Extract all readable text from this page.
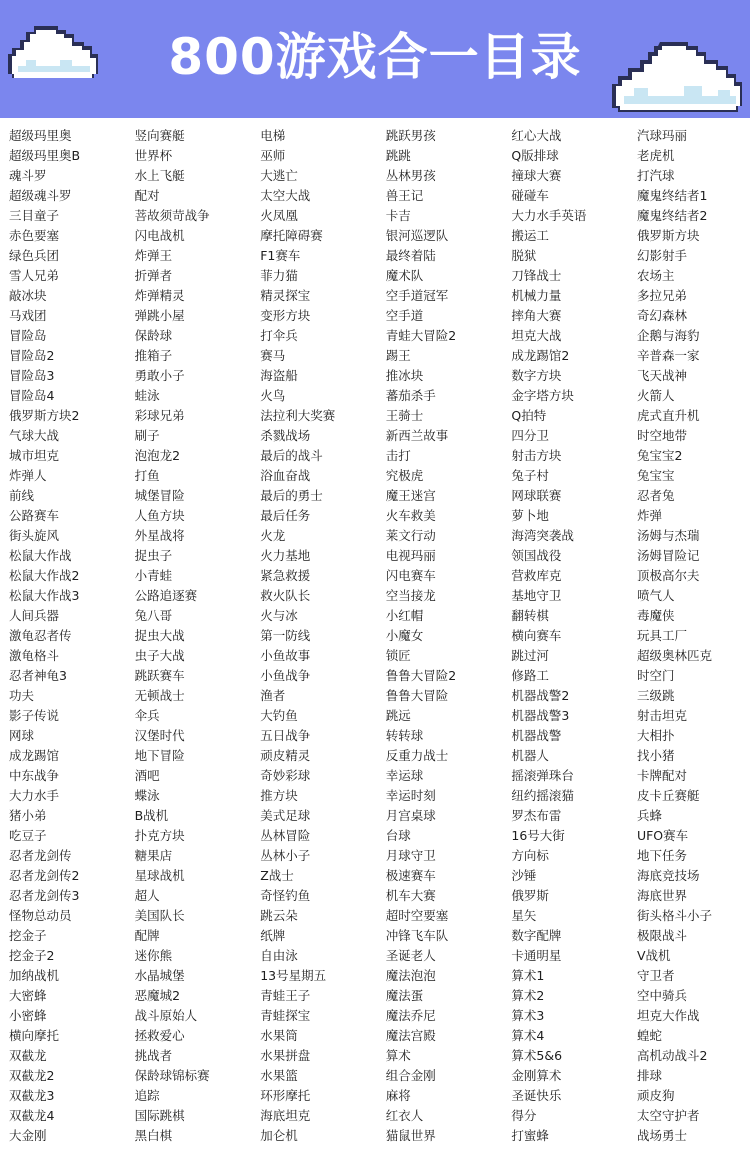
800游戏合一目录
超级玛里奥
超级玛里奥B
魂斗罗
超级魂斗罗
三目童子
赤色要塞
绿色兵团
雪人兄弟
敲冰块
马戏团
冒险岛
冒险岛2
冒险岛3
冒险岛4
俄罗斯方块2
气球大战
城市坦克
炸弹人
前线
公路赛车
街头旋风
松鼠大作战
松鼠大作战2
松鼠大作战3
人间兵器
激龟忍者传
激龟格斗
忍者神龟3
功夫
影子传说
网球
成龙踢馆
中东战争
大力水手
猪小弟
吃豆子
忍者龙剑传
忍者龙剑传2
忍者龙剑传3
怪物总动员
挖金子
挖金子2
加纳战机
大密蜂
小密蜂
横向摩托
双截龙
双截龙2
双截龙3
双截龙4
大金刚
竖向赛艇
世界杯
水上飞艇
配对
菩故须苛战争
闪电战机
炸弹王
折弹者
炸弹精灵
弹跳小屋
保龄球
推箱子
勇敢小子
蛙泳
彩球兄弟
刷子
泡泡龙2
打鱼
城堡冒险
人鱼方块
外星战将
捉虫子
小青蛙
公路追逐赛
兔八哥
捉虫大战
虫子大战
跳跃赛车
无顿战士
伞兵
汉堡时代
地下冒险
酒吧
蝶泳
B战机
扑克方块
糖果店
星球战机
超人
美国队长
配牌
迷你熊
水晶城堡
恶魔城2
战斗原始人
拯救爱心
挑战者
保龄球锦标赛
追踪
国际跳棋
黑白棋
电梯
巫师
大逃亡
太空大战
火凤凰
摩托障碍赛
F1赛车
菲力猫
精灵探宝
变形方块
打伞兵
赛马
海盗船
火鸟
法拉利大奖赛
杀戮战场
最后的战斗
浴血奋战
最后的勇士
最后任务
火龙
火力基地
紧急救援
救火队长
火与冰
第一防线
小鱼故事
小鱼战争
渔者
大钓鱼
五日战争
顽皮精灵
奇妙彩球
推方块
美式足球
丛林冒险
丛林小子
Z战士
奇怪钓鱼
跳云朵
纸牌
自由泳
13号星期五
青蛙王子
青蛙探宝
水果筒
水果拼盘
水果篮
环形摩托
海底坦克
加仑机
跳跃男孩
跳跳
丛林男孩
兽王记
卡吉
银河巡逻队
最终着陆
魔术队
空手道冠军
空手道
青蛙大冒险2
踢王
推冰块
蕃茄杀手
王骑士
新西兰故事
击打
究极虎
魔王迷宫
火车救美
莱文行动
电视玛丽
闪电赛车
空当接龙
小红帽
小魔女
锁匠
鲁鲁大冒险2
鲁鲁大冒险
跳远
转转球
反重力战士
幸运球
幸运时刻
月宫桌球
台球
月球守卫
极速赛车
机车大赛
超时空要塞
冲锋飞车队
圣诞老人
魔法泡泡
魔法蛋
魔法乔尼
魔法宫殿
算术
组合金刚
麻将
红衣人
猫鼠世界
红心大战
Q版排球
撞球大赛
碰碰车
大力水手英语
搬运工
脱狱
刀锋战士
机械力量
摔角大赛
坦克大战
成龙踢馆2
数字方块
金字塔方块
Q拍特
四分卫
射击方块
兔子村
网球联赛
萝卜地
海湾突袭战
领国战役
营救库克
基地守卫
翻转棋
横向赛车
跳过河
修路工
机器战警2
机器战警3
机器战警
机器人
摇滚弹珠台
纽约摇滚猫
罗杰布雷
16号大街
方向标
沙锤
俄罗斯
星矢
数字配牌
卡通明星
算术1
算术2
算术3
算术4
算术5&6
金刚算术
圣诞快乐
得分
打蜜蜂
汽球玛丽
老虎机
打汽球
魔鬼终结者1
魔鬼终结者2
俄罗斯方块
幻影射手
农场主
多拉兄弟
奇幻森林
企鹅与海豹
辛普森一家
飞天战神
火箭人
虎式直升机
时空地带
兔宝宝2
兔宝宝
忍者兔
炸弹
汤姆与杰瑞
汤姆冒险记
顶极高尔夫
喷气人
毒魔侠
玩具工厂
超级奥林匹克
时空门
三级跳
射击坦克
大相扑
找小猪
卡牌配对
皮卡丘赛艇
兵蜂
UFO赛车
地下任务
海底竞技场
海底世界
街头格斗小子
极限战斗
V战机
守卫者
空中骑兵
坦克大作战
蝗蛇
高机动战斗2
排球
顽皮狗
太空守护者
战场勇士
